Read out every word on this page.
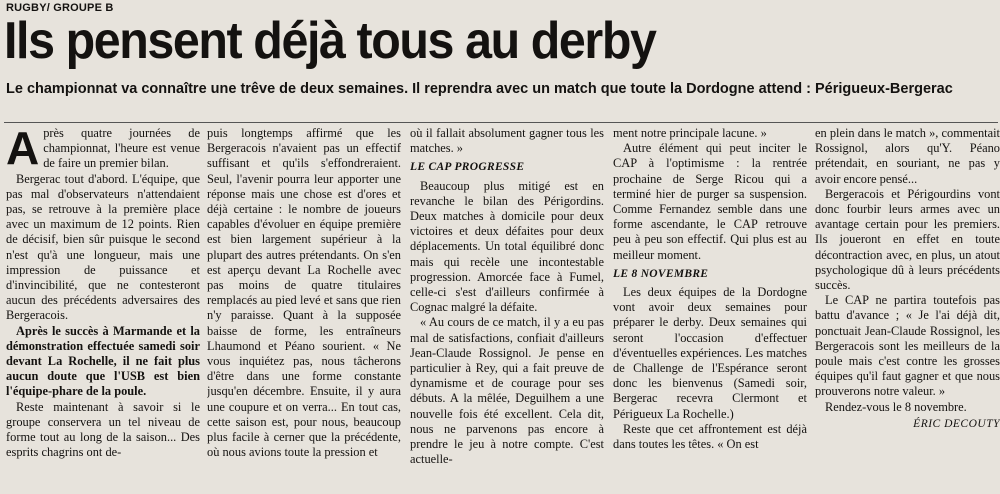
RUGBY/ GROUPE B
Ils pensent déjà tous au derby
Le championnat va connaître une trêve de deux semaines. Il reprendra avec un match que toute la Dordogne attend : Périgueux-Bergerac

Après quatre journées de championnat, l'heure est venue de faire un premier bilan.

Bergerac tout d'abord. L'équipe, que pas mal d'observateurs n'attendaient pas, se retrouve à la première place avec un maximum de 12 points. Rien de décisif, bien sûr puisque le second n'est qu'à une longueur, mais une impression de puissance et d'invincibilité, que ne contesteront aucun des précédents adversaires des Bergeracois.

Après le succès à Marmande et la démonstration effectuée samedi soir devant La Rochelle, il ne fait plus aucun doute que l'USB est bien l'équipe-phare de la poule.

Reste maintenant à savoir si le groupe conservera un tel niveau de forme tout au long de la saison... Des esprits chagrins ont de-

puis longtemps affirmé que les Bergeracois n'avaient pas un effectif suffisant et qu'ils s'effondreraient. Seul, l'avenir pourra leur apporter une réponse mais une chose est d'ores et déjà certaine : le nombre de joueurs capables d'évoluer en équipe première est bien largement supérieur à la plupart des autres prétendants. On s'en est aperçu devant La Rochelle avec pas moins de quatre titulaires remplacés au pied levé et sans que rien n'y paraisse. Quant à la supposée baisse de forme, les entraîneurs Lhaumond et Péano sourient. « Ne vous inquiétez pas, nous tâcherons d'être dans une forme constante jusqu'en décembre. Ensuite, il y aura une coupure et on verra... En tout cas, cette saison est, pour nous, beaucoup plus facile à cerner que la précédente, où nous avions toute la pression et

où il fallait absolument gagner tous les matches. »

LE CAP PROGRESSE

Beaucoup plus mitigé est en revanche le bilan des Périgordins. Deux matches à domicile pour deux victoires et deux défaites pour deux déplacements. Un total équilibré donc mais qui recèle une incontestable progression. Amorcée face à Fumel, celle-ci s'est d'ailleurs confirmée à Cognac malgré la défaite.

« Au cours de ce match, il y a eu pas mal de satisfactions, confiait d'ailleurs Jean-Claude Rossignol. Je pense en particulier à Rey, qui a fait preuve de dynamisme et de courage pour ses débuts. A la mêlée, Deguilhem a une nouvelle fois été excellent. Cela dit, nous ne parvenons pas encore à prendre le jeu à notre compte. C'est actuelle-

ment notre principale lacune. »

Autre élément qui peut inciter le CAP à l'optimisme : la rentrée prochaine de Serge Ricou qui a terminé hier de purger sa suspension. Comme Fernandez semble dans une forme ascendante, le CAP retrouve peu à peu son effectif. Qui plus est au meilleur moment.

LE 8 NOVEMBRE

Les deux équipes de la Dordogne vont avoir deux semaines pour préparer le derby. Deux semaines qui seront l'occasion d'effectuer d'éventuelles expériences. Les matches de Challenge de l'Espérance seront donc les bienvenus (Samedi soir, Bergerac recevra Clermont et Périgueux La Rochelle.)

Reste que cet affrontement est déjà dans toutes les têtes. « On est

en plein dans le match », commentait Rossignol, alors qu'Y. Péano prétendait, en souriant, ne pas y avoir encore pensé...

Bergeracois et Périgourdins vont donc fourbir leurs armes avec un avantage certain pour les premiers. Ils joueront en effet en toute décontraction avec, en plus, un atout psychologique dû à leurs précédents succès.

Le CAP ne partira toutefois pas battu d'avance ; « Je l'ai déjà dit, ponctuait Jean-Claude Rossignol, les Bergeracois sont les meilleurs de la poule mais c'est contre les grosses équipes qu'il faut gagner et que nous prouverons notre valeur. »

Rendez-vous le 8 novembre.

ÉRIC DECOUTY
